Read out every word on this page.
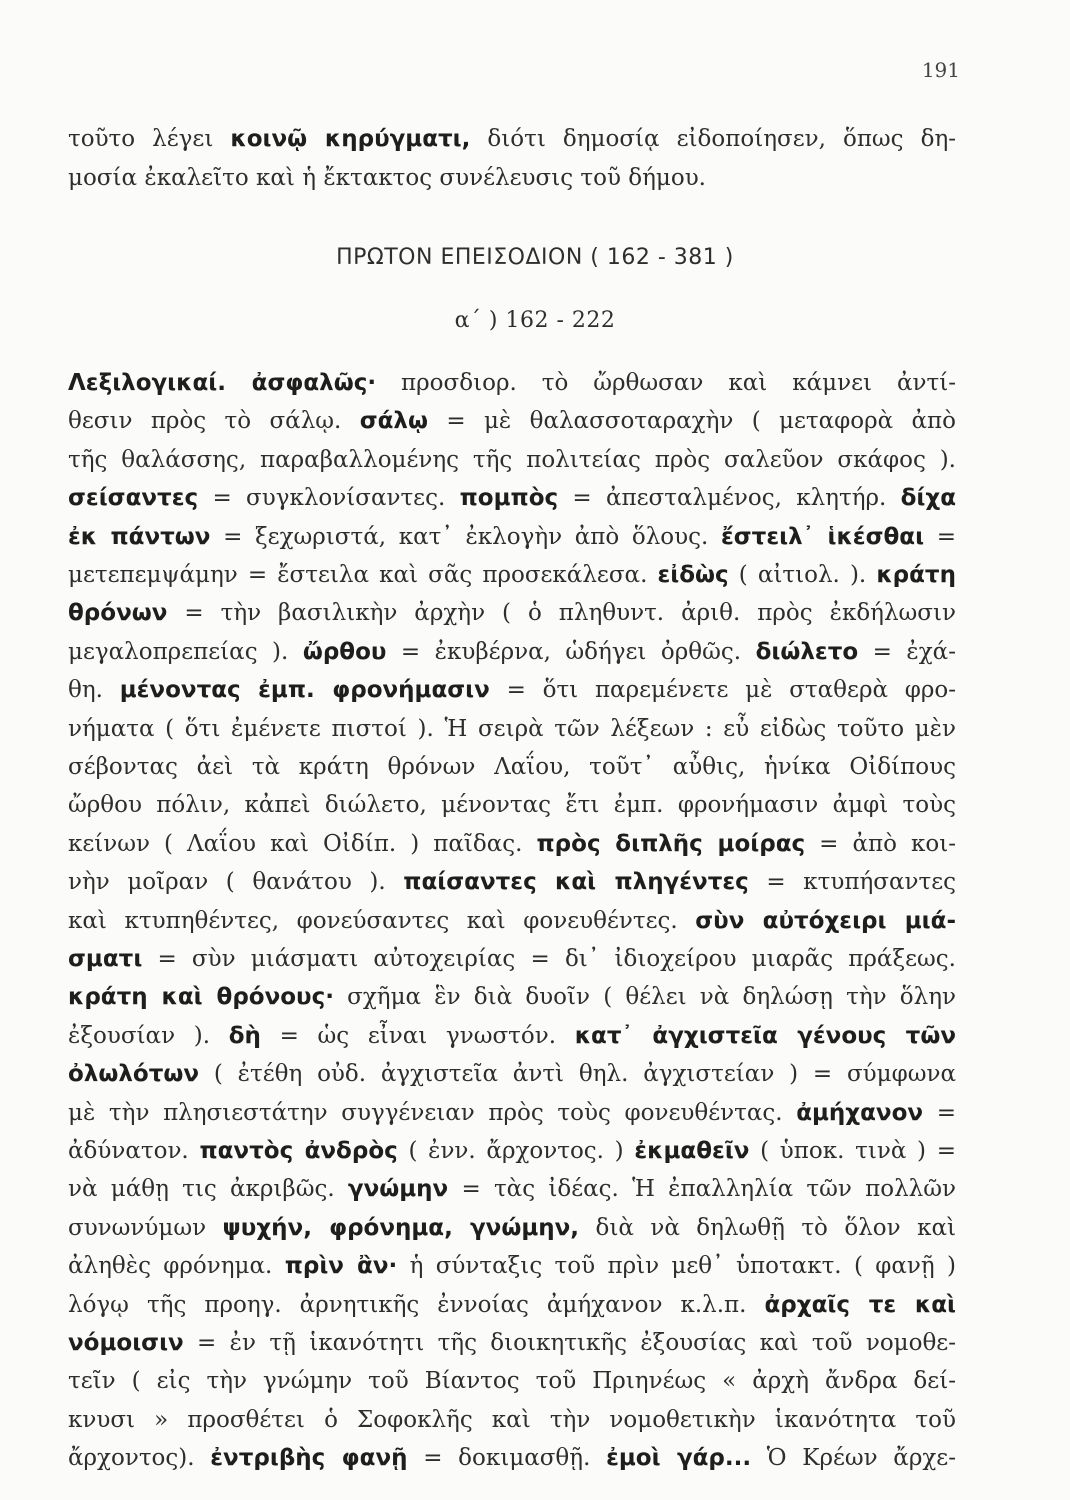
191
τοῦτο λέγει κοινῷ κηρύγματι, διότι δημοσίᾳ εἰδοποίησεν, ὅπως δη-
μοσία ἐκαλεῖτο καὶ ἡ ἔκτακτος συνέλευσις τοῦ δήμου.
ΠΡΩΤΟΝ ΕΠΕΙΣΟΔΙΟΝ ( 162 - 381 )
α΄ ) 162 - 222
Λεξιλογικαί. ἀσφαλῶς· προσδιορ. τὸ ὤρθωσαν καὶ κάμνει ἀντί-
θεσιν πρὸς τὸ σάλῳ. σάλῳ = μὲ θαλασσοταραχὴν ( μεταφορὰ ἀπὸ
τῆς θαλάσσης, παραβαλλομένης τῆς πολιτείας πρὸς σαλεῦον σκάφος ).
σείσαντες = συγκλονίσαντες. πομπὸς = ἀπεσταλμένος, κλητήρ. δίχα
ἐκ πάντων = ξεχωριστά, κατ᾽ ἐκλογὴν ἀπὸ ὅλους. ἔστειλ᾽ ἱκέσθαι =
μετεπεμψάμην = ἔστειλα καὶ σᾶς προσεκάλεσα. εἰδὼς ( αἰτιολ. ). κράτη
θρόνων = τὴν βασιλικὴν ἀρχὴν ( ὁ πληθυντ. ἀριθ. πρὸς ἐκδήλωσιν
μεγαλοπρεπείας ). ὤρθου = ἐκυβέρνα, ὡδήγει ὀρθῶς. διώλετο = ἐχά-
θη. μένοντας ἐμπ. φρονήμασιν = ὅτι παρεμένετε μὲ σταθερὰ φρο-
νήματα ( ὅτι ἐμένετε πιστοί ). Ἡ σειρὰ τῶν λέξεων : εὖ εἰδὼς τοῦτο μὲν
σέβοντας ἀεὶ τὰ κράτη θρόνων Λαΐου, τοῦτ᾽ αὖθις, ἡνίκα Οἰδίπους
ὤρθου πόλιν, κἀπεὶ διώλετο, μένοντας ἔτι ἐμπ. φρονήμασιν ἀμφὶ τοὺς
κείνων ( Λαΐου καὶ Οἰδίπ. ) παῖδας. πρὸς διπλῆς μοίρας = ἀπὸ κοι-
νὴν μοῖραν ( θανάτου ). παίσαντες καὶ πληγέντες = κτυπήσαντες
καὶ κτυπηθέντες, φονεύσαντες καὶ φονευθέντες. σὺν αὐτόχειρι μιά-
σματι = σὺν μιάσματι αὐτοχειρίας = δι᾽ ἰδιοχείρου μιαρᾶς πράξεως.
κράτη καὶ θρόνους· σχῆμα ἓν διὰ δυοῖν ( θέλει νὰ δηλώσῃ τὴν ὅλην
ἐξουσίαν ). δὴ = ὡς εἶναι γνωστόν. κατ᾽ ἀγχιστεῖα γένους τῶν
ὀλωλότων ( ἐτέθη οὐδ. ἀγχιστεῖα ἀντὶ θηλ. ἀγχιστείαν ) = σύμφωνα
μὲ τὴν πλησιεστάτην συγγένειαν πρὸς τοὺς φονευθέντας. ἀμήχανον =
ἀδύνατον. παντὸς ἀνδρὸς ( ἐνν. ἄρχοντος. ) ἐκμαθεῖν ( ὑποκ. τινὰ ) =
νὰ μάθῃ τις ἀκριβῶς. γνώμην = τὰς ἰδέας. Ἡ ἐπαλληλία τῶν πολλῶν
συνωνύμων ψυχήν, φρόνημα, γνώμην, διὰ νὰ δηλωθῇ τὸ ὅλον καὶ
ἀληθὲς φρόνημα. πρὶν ἂν· ἡ σύνταξις τοῦ πρὶν μεθ᾽ ὑποτακτ. ( φανῇ )
λόγῳ τῆς προηγ. ἀρνητικῆς ἐννοίας ἀμήχανον κ.λ.π. ἀρχαῖς τε καὶ
νόμοισιν = ἐν τῇ ἱκανότητι τῆς διοικητικῆς ἐξουσίας καὶ τοῦ νομοθε-
τεῖν ( εἰς τὴν γνώμην τοῦ Βίαντος τοῦ Πριηνέως « ἀρχὴ ἄνδρα δεί-
κνυσι » προσθέτει ὁ Σοφοκλῆς καὶ τὴν νομοθετικὴν ἱκανότητα τοῦ
ἄρχοντος). ἐντριβὴς φανῇ = δοκιμασθῇ. ἐμοὶ γάρ... Ὁ Κρέων ἄρχε-
